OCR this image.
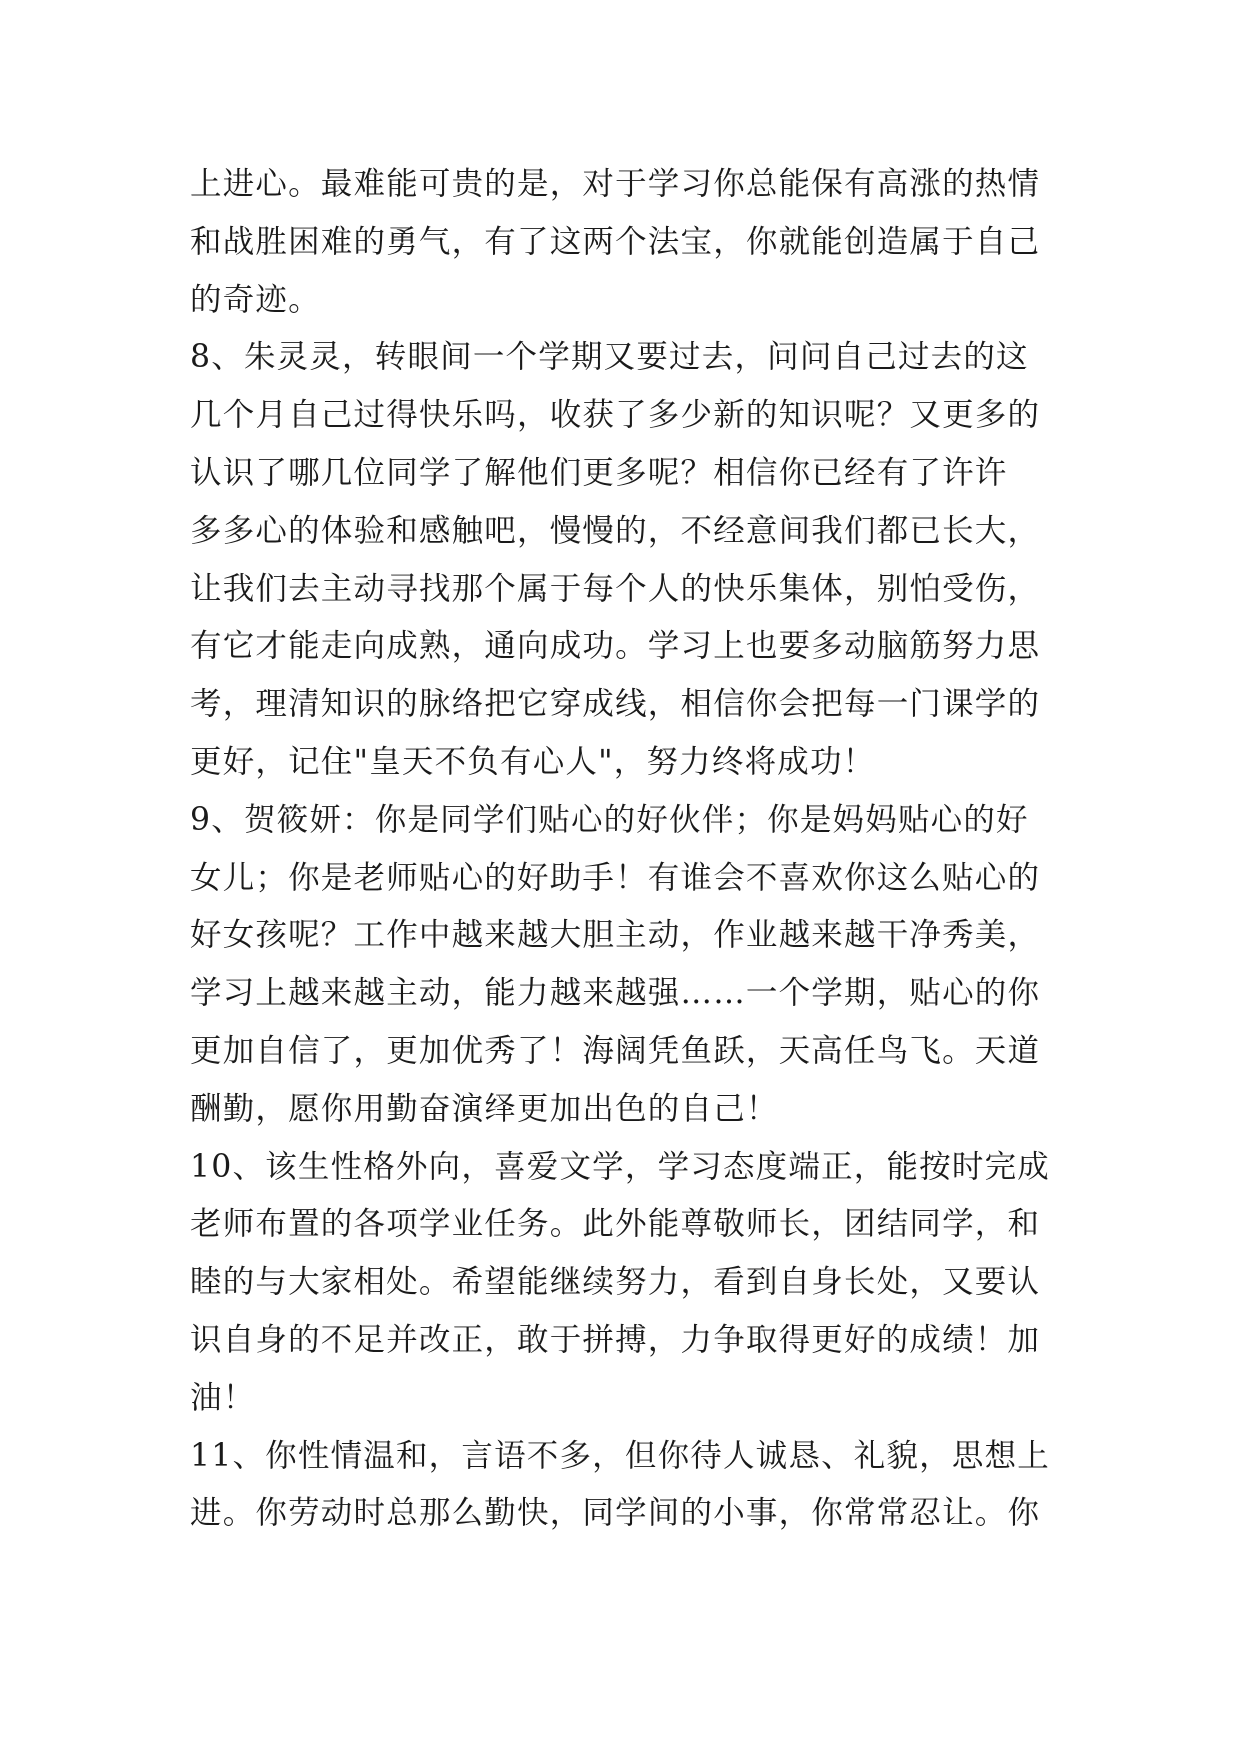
上进心。最难能可贵的是，对于学习你总能保有高涨的热情
和战胜困难的勇气，有了这两个法宝，你就能创造属于自己
的奇迹。
8、朱灵灵，转眼间一个学期又要过去，问问自己过去的这
几个月自己过得快乐吗，收获了多少新的知识呢？又更多的
认识了哪几位同学了解他们更多呢？相信你已经有了许许
多多心的体验和感触吧，慢慢的，不经意间我们都已长大，
让我们去主动寻找那个属于每个人的快乐集体，别怕受伤，
有它才能走向成熟，通向成功。学习上也要多动脑筋努力思
考，理清知识的脉络把它穿成线，相信你会把每一门课学的
更好，记住"皇天不负有心人"，努力终将成功！
9、贺筱妍：你是同学们贴心的好伙伴；你是妈妈贴心的好
女儿；你是老师贴心的好助手！有谁会不喜欢你这么贴心的
好女孩呢？工作中越来越大胆主动，作业越来越干净秀美，
学习上越来越主动，能力越来越强……一个学期，贴心的你
更加自信了，更加优秀了！海阔凭鱼跃，天高任鸟飞。天道
酬勤，愿你用勤奋演绎更加出色的自己！
10、该生性格外向，喜爱文学，学习态度端正，能按时完成
老师布置的各项学业任务。此外能尊敬师长，团结同学，和
睦的与大家相处。希望能继续努力，看到自身长处，又要认
识自身的不足并改正，敢于拼搏，力争取得更好的成绩！加
油！
11、你性情温和，言语不多，但你待人诚恳、礼貌，思想上
进。你劳动时总那么勤快，同学间的小事，你常常忍让。你
